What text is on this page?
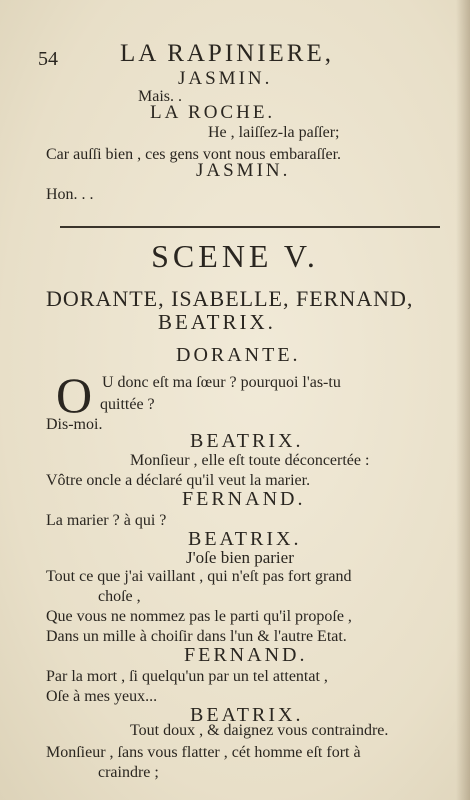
54 LA RAPINIERE,
JASMIN.
Mais. .
LA ROCHE.
He , laiſſez-la paſſer;
Car auſſi bien , ces gens vont nous embaraſſer.
JASMIN.
Hon. . .
SCENE V.
DORANTE, ISABELLE, FERNAND,
BEATRIX.
DORANTE.
O U donc eſt ma ſœur ? pourquoi l'as-tu
quittée ?
Dis-moi.
BEATRIX.
Monſieur , elle eſt toute déconcertée :
Vôtre oncle a déclaré qu'il veut la marier.
FERNAND.
La marier ? à qui ?
BEATRIX.
J'oſe bien parier
Tout ce que j'ai vaillant , qui n'eſt pas fort grand
choſe ,
Que vous ne nommez pas le parti qu'il propoſe ,
Dans un mille à choiſir dans l'un & l'autre Etat.
FERNAND.
Par la mort , ſi quelqu'un par un tel attentat ,
Oſe à mes yeux...
BEATRIX.
Tout doux , & daignez vous contraindre.
Monſieur , ſans vous flatter , cét homme eſt fort à
craindre ;
